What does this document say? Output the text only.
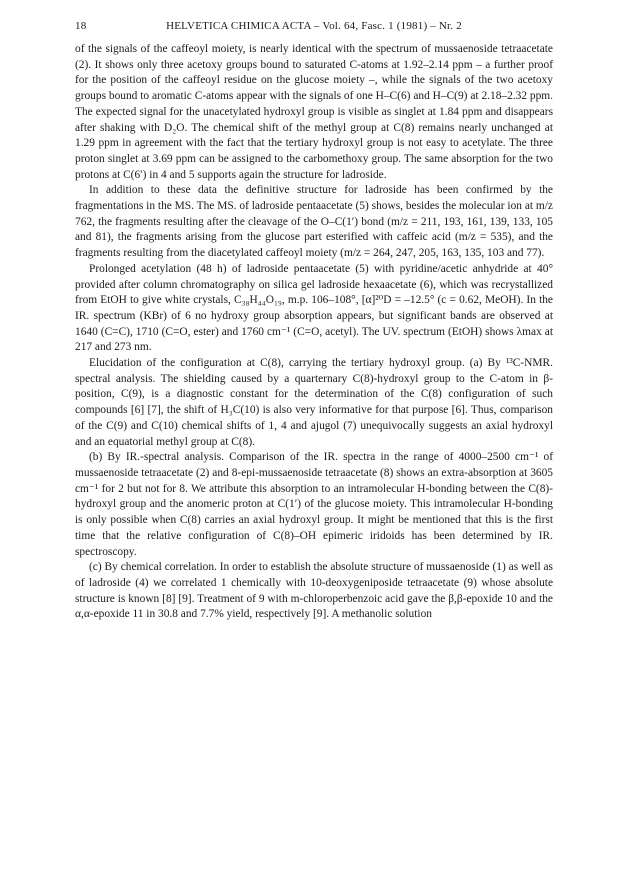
18	HELVETICA CHIMICA ACTA – Vol. 64, Fasc. 1 (1981) – Nr. 2

of the signals of the caffeoyl moiety, is nearly identical with the spectrum of mussaenoside tetraacetate (2). It shows only three acetoxy groups bound to saturated C-atoms at 1.92–2.14 ppm – a further proof for the position of the caffeoyl residue on the glucose moiety –, while the signals of the two acetoxy groups bound to aromatic C-atoms appear with the signals of one H–C(6) and H–C(9) at 2.18–2.32 ppm. The expected signal for the unacetylated hydroxyl group is visible as singlet at 1.84 ppm and disappears after shaking with D₂O. The chemical shift of the methyl group at C(8) remains nearly unchanged at 1.29 ppm in agreement with the fact that the tertiary hydroxyl group is not easy to acetylate. The three proton singlet at 3.69 ppm can be assigned to the carbomethoxy group. The same absorption for the two protons at C(6′) in 4 and 5 supports again the structure for ladroside.

In addition to these data the definitive structure for ladroside has been confirmed by the fragmentations in the MS. The MS. of ladroside pentaacetate (5) shows, besides the molecular ion at m/z 762, the fragments resulting after the cleavage of the O–C(1′) bond (m/z = 211, 193, 161, 139, 133, 105 and 81), the fragments arising from the glucose part esterified with caffeic acid (m/z = 535), and the fragments resulting from the diacetylated caffeoyl moiety (m/z = 264, 247, 205, 163, 135, 103 and 77).

Prolonged acetylation (48 h) of ladroside pentaacetate (5) with pyridine/acetic anhydride at 40° provided after column chromatography on silica gel ladroside hexaacetate (6), which was recrystallized from EtOH to give white crystals, C₃₈H₄₄O₁₉, m.p. 106–108°, [α]²⁰D = –12.5° (c = 0.62, MeOH). In the IR. spectrum (KBr) of 6 no hydroxy group absorption appears, but significant bands are observed at 1640 (C=C), 1710 (C=O, ester) and 1760 cm⁻¹ (C=O, acetyl). The UV. spectrum (EtOH) shows λmax at 217 and 273 nm.

Elucidation of the configuration at C(8), carrying the tertiary hydroxyl group. (a) By ¹³C-NMR. spectral analysis. The shielding caused by a quarternary C(8)-hydroxyl group to the C-atom in β-position, C(9), is a diagnostic constant for the determination of the C(8) configuration of such compounds [6] [7], the shift of H₃C(10) is also very informative for that purpose [6]. Thus, comparison of the C(9) and C(10) chemical shifts of 1, 4 and ajugol (7) unequivocally suggests an axial hydroxyl and an equatorial methyl group at C(8).

(b) By IR.-spectral analysis. Comparison of the IR. spectra in the range of 4000–2500 cm⁻¹ of mussaenoside tetraacetate (2) and 8-epi-mussaenoside tetraacetate (8) shows an extra-absorption at 3605 cm⁻¹ for 2 but not for 8. We attribute this absorption to an intramolecular H-bonding between the C(8)-hydroxyl group and the anomeric proton at C(1′) of the glucose moiety. This intramolecular H-bonding is only possible when C(8) carries an axial hydroxyl group. It might be mentioned that this is the first time that the relative configuration of C(8)–OH epimeric iridoids has been determined by IR. spectroscopy.

(c) By chemical correlation. In order to establish the absolute structure of mussaenoside (1) as well as of ladroside (4) we correlated 1 chemically with 10-deoxygeniposide tetraacetate (9) whose absolute structure is known [8] [9]. Treatment of 9 with m-chloroperbenzoic acid gave the β,β-epoxide 10 and the α,α-epoxide 11 in 30.8 and 7.7% yield, respectively [9]. A methanolic solution
